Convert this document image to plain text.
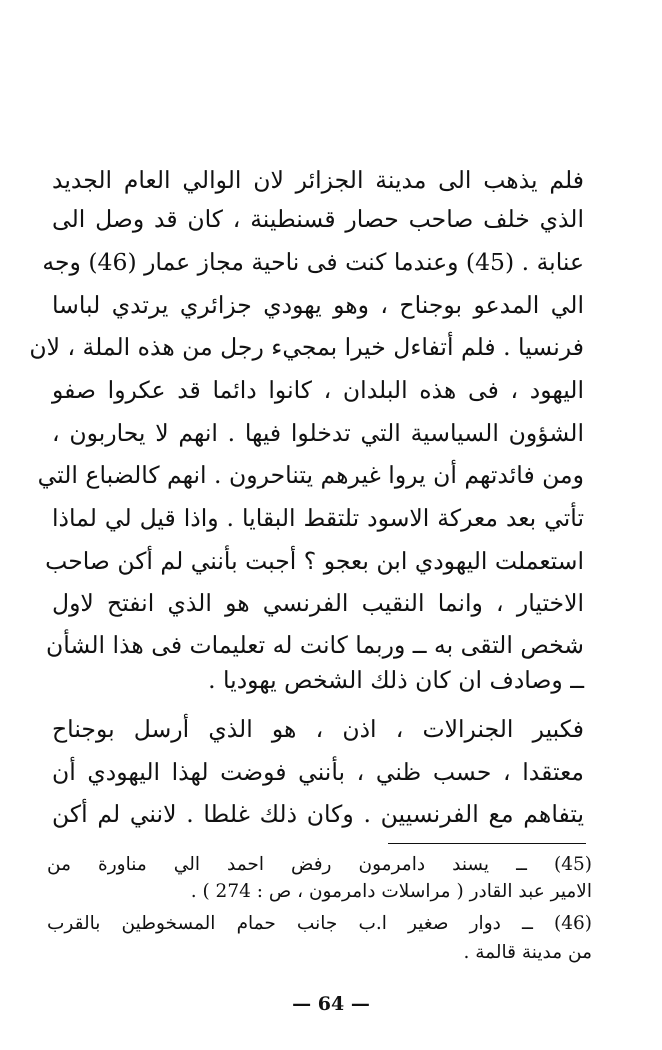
فلم يذهب الى مدينة الجزائر لان الوالي العام الجديد
الذي خلف صاحب حصار قسنطينة ، كان قد وصل الى
عنابة . (45) وعندما كنت فى ناحية مجاز عمار (46) وجه
الي المدعو بوجناح ، وهو يهودي جزائري يرتدي لباسا
فرنسيا . فلم أتفاءل خيرا بمجيء رجل من هذه الملة ، لان
اليهود ، فى هذه البلدان ، كانوا دائما قد عكروا صفو
الشؤون السياسية التي تدخلوا فيها . انهم لا يحاربون ،
ومن فائدتهم أن يروا غيرهم يتناحرون . انهم كالضباع التي
تأتي بعد معركة الاسود تلتقط البقايا . واذا قيل لي لماذا
استعملت اليهودي ابن بعجو ؟ أجبت بأنني لم أكن صاحب
الاختيار ، وانما النقيب الفرنسي هو الذي انفتح لاول
شخص التقى به ــ وربما كانت له تعليمات فى هذا الشأن
ــ وصادف ان كان ذلك الشخص يهوديا .
فكبير الجنرالات ، اذن ، هو الذي أرسل بوجناح
معتقدا ، حسب ظني ، بأنني فوضت لهذا اليهودي أن
يتفاهم مع الفرنسيين . وكان ذلك غلطا . لانني لم أكن
(45) ــ يسند دامرمون رفض احمد الي مناورة من
الامير عبد القادر ( مراسلات دامرمون ، ص : 274 ) .
(46) ــ دوار صغير ا.ب جانب حمام المسخوطين بالقرب
من مدينة قالمة .
— 64 —
